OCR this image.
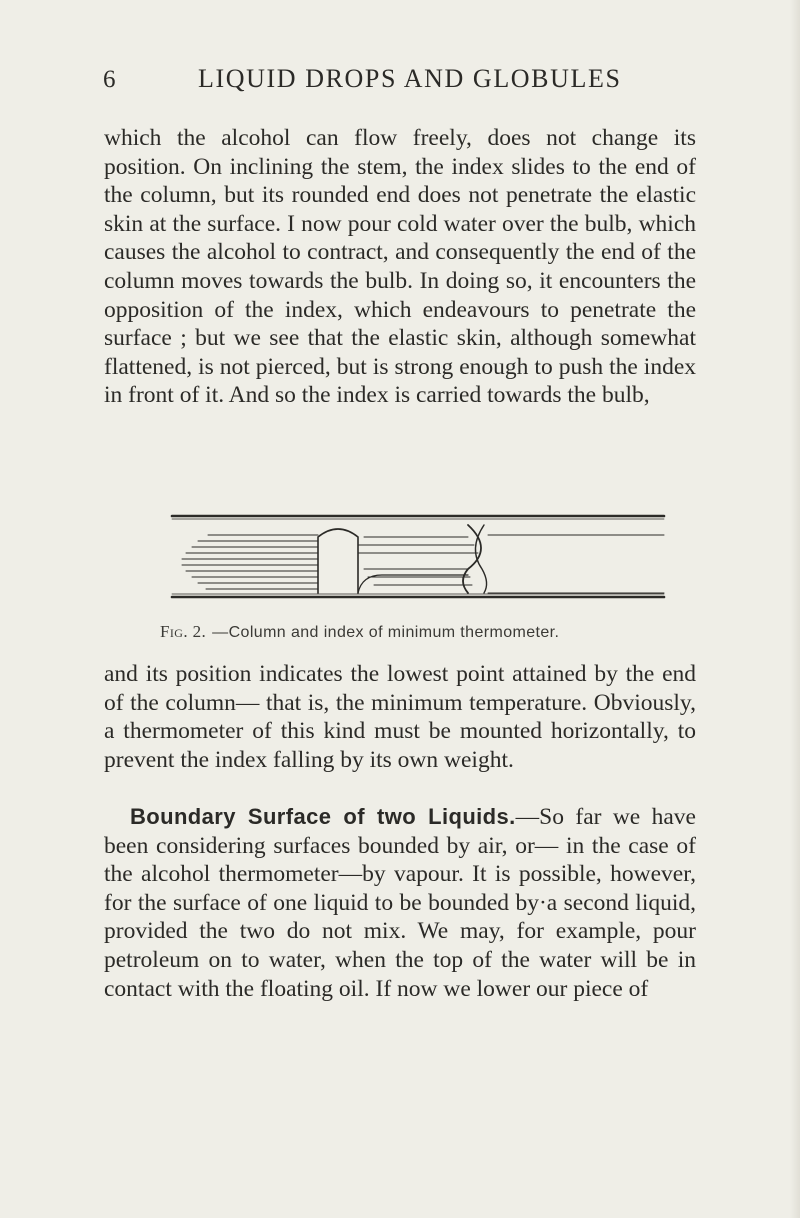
6	LIQUID DROPS AND GLOBULES

which the alcohol can flow freely, does not change its position. On inclining the stem, the index slides to the end of the column, but its rounded end does not penetrate the elastic skin at the surface. I now pour cold water over the bulb, which causes the alcohol to contract, and consequently the end of the column moves towards the bulb. In doing so, it encounters the opposition of the index, which endeavours to penetrate the surface ; but we see that the elastic skin, although somewhat flattened, is not pierced, but is strong enough to push the index in front of it. And so the index is carried towards the bulb,

Fig. 2. —Column and index of minimum thermometer.

and its position indicates the lowest point attained by the end of the column— that is, the minimum temperature. Obviously, a thermometer of this kind must be mounted horizontally, to prevent the index falling by its own weight.

Boundary Surface of two Liquids.—So far we have been considering surfaces bounded by air, or— in the case of the alcohol thermometer—by vapour. It is possible, however, for the surface of one liquid to be bounded by·a second liquid, provided the two do not mix. We may, for example, pour petroleum on to water, when the top of the water will be in contact with the floating oil. If now we lower our piece of
